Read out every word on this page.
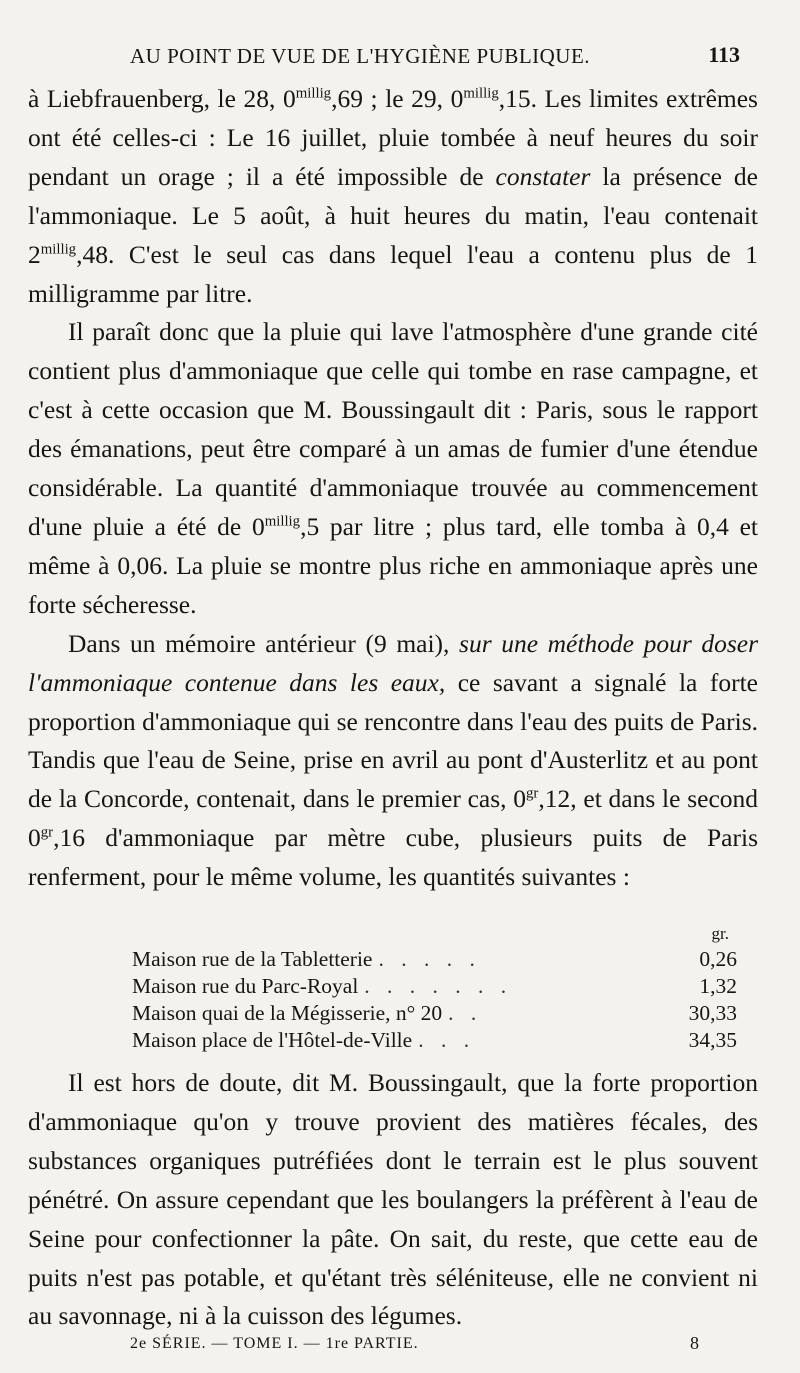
AU POINT DE VUE DE L'HYGIÈNE PUBLIQUE.	113

à Liebfrauenberg, le 28, $0^{millig},69$ ; le 29, $0^{millig},15$. Les limites extrêmes ont été celles-ci : Le 16 juillet, pluie tombée à neuf heures du soir pendant un orage ; il a été impossible de constater la présence de l'ammoniaque. Le 5 août, à huit heures du matin, l'eau contenait $2^{millig},48$. C'est le seul cas dans lequel l'eau a contenu plus de 1 milligramme par litre.

Il paraît donc que la pluie qui lave l'atmosphère d'une grande cité contient plus d'ammoniaque que celle qui tombe en rase campagne, et c'est à cette occasion que M. Boussingault dit : Paris, sous le rapport des émanations, peut être comparé à un amas de fumier d'une étendue considérable. La quantité d'ammoniaque trouvée au commencement d'une pluie a été de $0^{millig},5$ par litre ; plus tard, elle tomba à 0,4 et même à 0,06. La pluie se montre plus riche en ammoniaque après une forte sécheresse.

Dans un mémoire antérieur (9 mai), sur une méthode pour doser l'ammoniaque contenue dans les eaux, ce savant a signalé la forte proportion d'ammoniaque qui se rencontre dans l'eau des puits de Paris. Tandis que l'eau de Seine, prise en avril au pont d'Austerlitz et au pont de la Concorde, contenait, dans le premier cas, $0^{gr},12$, et dans le second $0^{gr},16$ d'ammoniaque par mètre cube, plusieurs puits de Paris renferment, pour le même volume, les quantités suivantes :

gr.
Maison rue de la Tabletterie . . . . .	0,26
Maison rue du Parc-Royal . . . . . . .	1,32
Maison quai de la Mégisserie, n° 20 . .	30,33
Maison place de l'Hôtel-de-Ville . . .	34,35

Il est hors de doute, dit M. Boussingault, que la forte proportion d'ammoniaque qu'on y trouve provient des matières fécales, des substances organiques putréfiées dont le terrain est le plus souvent pénétré. On assure cependant que les boulangers la préfèrent à l'eau de Seine pour confectionner la pâte. On sait, du reste, que cette eau de puits n'est pas potable, et qu'étant très séléniteuse, elle ne convient ni au savonnage, ni à la cuisson des légumes.

2e SÉRIE. — TOME I. — 1re PARTIE.	8
